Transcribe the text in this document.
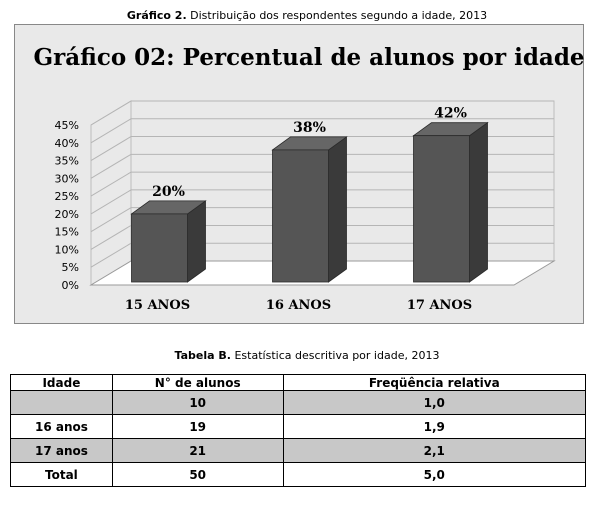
Gráfico 2. Distribuição dos respondentes segundo a idade, 2013
Gráfico 02: Percentual de alunos por idade
0%
5%
10%
15%
20%
25%
30%
35%
40%
45%
20%
15 ANOS
38%
16 ANOS
42%
17 ANOS
Tabela B. Estatística descritiva por idade, 2013
Idade	N° de alunos	Freqüência relativa
	10	1,0
16 anos	19	1,9
17 anos	21	2,1
Total	50	5,0
